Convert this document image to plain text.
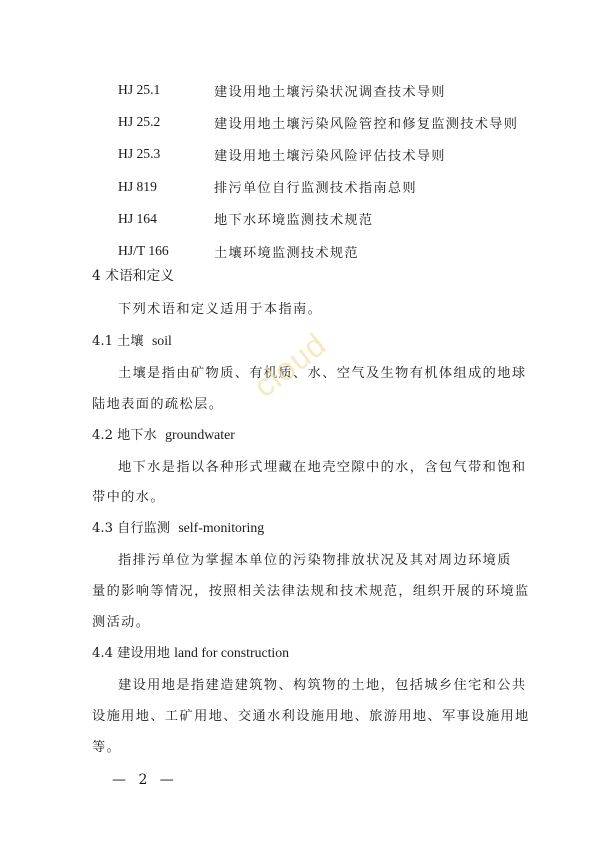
HJ 25.1	建设用地土壤污染状况调查技术导则
HJ 25.2	建设用地土壤污染风险管控和修复监测技术导则
HJ 25.3	建设用地土壤污染风险评估技术导则
HJ 819	排污单位自行监测技术指南总则
HJ 164	地下水环境监测技术规范
HJ/T 166	土壤环境监测技术规范
4 术语和定义
下列术语和定义适用于本指南。
4.1 土壤 soil
土壤是指由矿物质、有机质、水、空气及生物有机体组成的地球
陆地表面的疏松层。
4.2 地下水 groundwater
地下水是指以各种形式埋藏在地壳空隙中的水，含包气带和饱和
带中的水。
4.3 自行监测 self-monitoring
指排污单位为掌握本单位的污染物排放状况及其对周边环境质
量的影响等情况，按照相关法律法规和技术规范，组织开展的环境监
测活动。
4.4 建设用地 land for construction
建设用地是指建造建筑物、构筑物的土地，包括城乡住宅和公共
设施用地、工矿用地、交通水利设施用地、旅游用地、军事设施用地
等。
cloud
— 2 —
